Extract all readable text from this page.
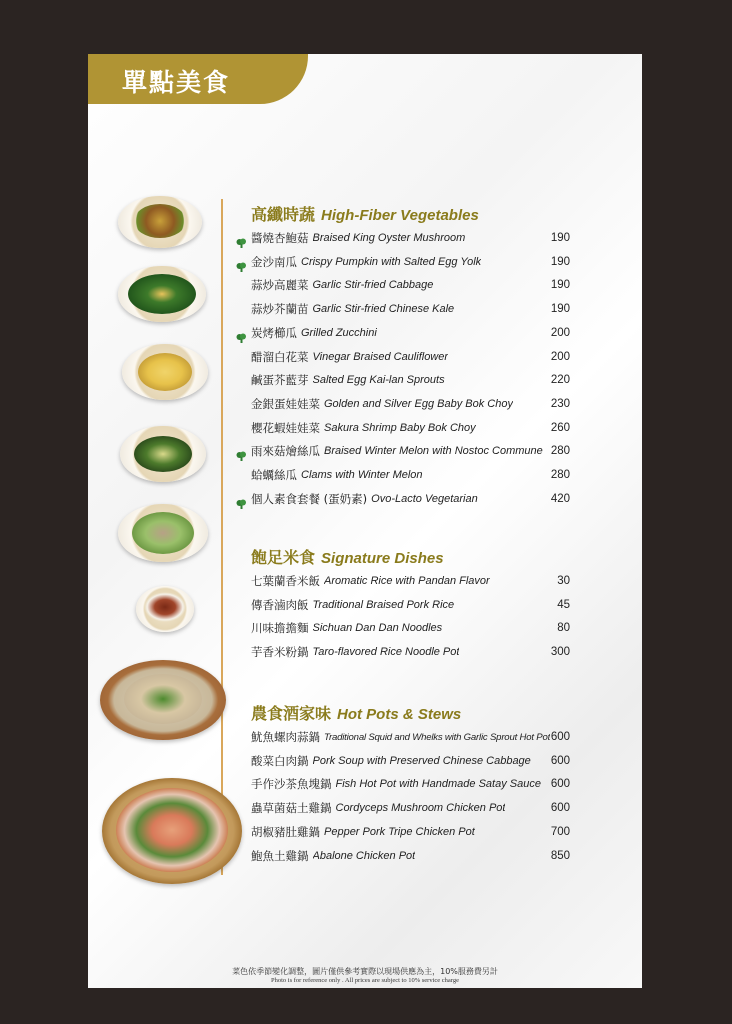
單點美食
高纖時蔬 High-Fiber Vegetables
醬燒杏鮑菇 Braised King Oyster Mushroom	190
金沙南瓜 Crispy Pumpkin with Salted Egg Yolk	190
蒜炒高麗菜 Garlic Stir-fried Cabbage	190
蒜炒芥蘭苗 Garlic Stir-fried Chinese Kale	190
炭烤櫛瓜 Grilled Zucchini	200
醋溜白花菜 Vinegar Braised Cauliflower	200
鹹蛋芥藍芽 Salted Egg Kai-lan Sprouts	220
金銀蛋娃娃菜 Golden and Silver Egg Baby Bok Choy	230
櫻花蝦娃娃菜 Sakura Shrimp Baby Bok Choy	260
雨來菇燴絲瓜 Braised Winter Melon with Nostoc Commune 280
蛤蠣絲瓜 Clams with Winter Melon	280
個人素食套餐 (蛋奶素) Ovo-Lacto Vegetarian	420
飽足米食 Signature Dishes
七葉蘭香米飯 Aromatic Rice with Pandan Flavor	30
傳香滷肉飯 Traditional Braised Pork Rice	45
川味擔擔麵 Sichuan Dan Dan Noodles	80
芋香米粉鍋 Taro-flavored Rice Noodle Pot	300
農食酒家味 Hot Pots & Stews
魷魚螺肉蒜鍋 Traditional Squid and Whelks with Garlic Sprout Hot Pot 600
酸菜白肉鍋 Pork Soup with Preserved Chinese Cabbage 600
手作沙茶魚塊鍋 Fish Hot Pot with Handmade Satay Sauce 600
蟲草菌菇土雞鍋 Cordyceps Mushroom Chicken Pot	600
胡椒豬肚雞鍋 Pepper Pork Tripe Chicken Pot	700
鮑魚土雞鍋 Abalone Chicken Pot	850
菜色依季節變化調整，圖片僅供參考實際以現場供應為主，10%服務費另計
Photo is for reference only . All prices are subject to 10% service charge
